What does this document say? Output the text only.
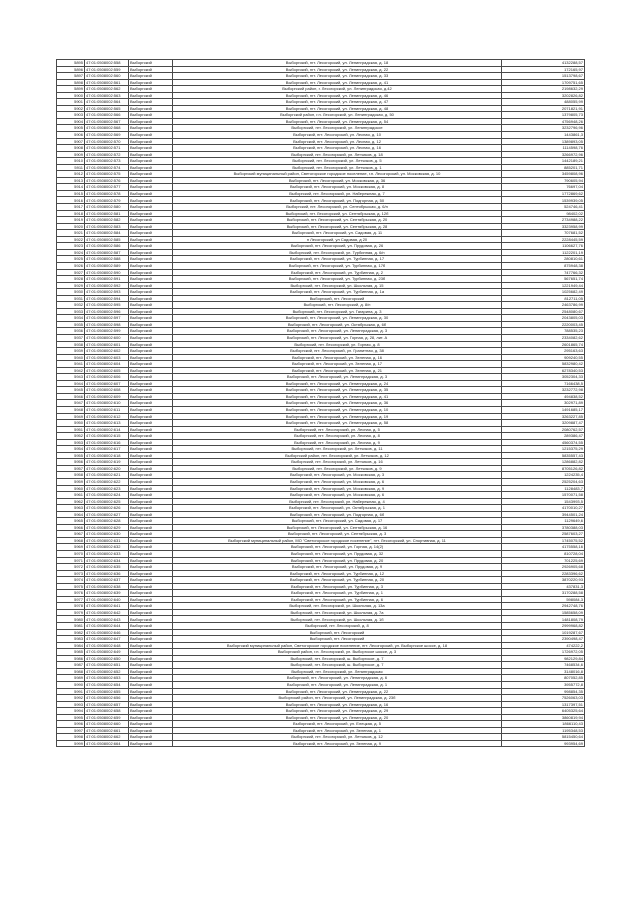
5895	47:01:0508002:558	Выборгский	Выборгский, пгт. Лесогорский, ул. Ленинградская, д. 18	4132288,57
5896	47:01:0508002:559	Выборгский	Выборгский, пгт. Лесогорский, ул. Ленинградская, д. 22	172165,97
5897	47:01:0508002:560	Выборгский	Выборгский, пгт. Лесогорский, ул. Ленинградская, д. 33	1513798,67
5898	47:01:0508002:561	Выборгский	Выборгский, пгт. Лесогорский, ул. Ленинградская, д. 41	1709751,65
5899	47:01:0508002:562	Выборгский	Выборгский район, г. Лесогорский, ул. Ленинградская, д.42	2198632,29
5900	47:01:0508002:563	Выборгский	Выборгский, пгт. Лесогорский, ул. Ленинградская, д. 46	3202826,82
5901	47:01:0508002:564	Выборгский	Выборгский, пгт. Лесогорский, ул. Ленинградская, д. 47	488055,99
5902	47:01:0508002:565	Выборгский	Выборгский, пгт. Лесогорский, ул. Ленинградская, д. 48	2071821,91
5903	47:01:0508002:566	Выборгский	Выборгский район, г.п. Лесогорский, ул. Ленинградская, д. 50	1379805,73
5904	47:01:0508002:567	Выборгский	Выборгский, пгт. Лесогорский, ул. Ленинградская, д. 54	4756948,26
5905	47:01:0508002:568	Выборгский	Выборгский, пгт. Лесогорский, ул. Ленинградское	3232796,96
5906	47:01:0508002:569	Выборгский	Выборгский, пгт. Лесогорский, ул. Лесная, д. 10	1443861,3
5907	47:01:0508002:570	Выборгский	Выборгский, пгт. Лесогорский, ул. Лесная, д. 12	1389893,05
5908	47:01:0508002:571	Выборгский	Выборгский, пгт. Лесогорский, ул. Лесная, д. 16	1114598,76
5909	47:01:0508002:572	Выборгский	Выборгский, пгт. Лесогорский, ул. Летчиков, д. 18	3266972,96
5910	47:01:0508002:573	Выборгский	Выборгский, пгт. Лесогорский, ул. Летчиков, д. 5	1442189,21
5911	47:01:0508002:574	Выборгский	Выборгский, пгт. Лесогорский, ул. Летчиков, д. 1	885201,71
5912	47:01:0508002:575	Выборгский	Выборгский муниципальный район, Светогорское городское поселение, г.п. Лесогорский, ул. Московская, д. 10	3459808,96
5913	47:01:0508002:576	Выборгский	Выборгский, пгт. Лесогорский, ул. Московская, д. 36	790605,94
5914	47:01:0508002:577	Выборгский	Выборгский, пгт. Лесогорский, ул. Московская, д. 8	76697,04
5915	47:01:0508002:578	Выборгский	Выборгский, пгт. Лесогорский, ул. Набережная, д. 7	1772869,62
5916	47:01:0508002:579	Выборгский	Выборгский, пгт. Лесогорский, ул. Подгорная, д. 50	1539939,05
5917	47:01:0508002:580	Выборгский	Выборгский, пгт. Лесогорский, ул. Сентябрьская, д. 6/п	524746,41
5918	47:01:0508002:581	Выборгский	Выборгский, пгт. Лесогорский, ул. Сентябрьская, д. 12б	98402,02
5919	47:01:0508002:582	Выборгский	Выборгский, пгт. Лесогорский, ул. Сентябрьская, д. 20	2734988,22
5920	47:01:0508002:583	Выборгский	Выборгский, пгт. Лесогорский, ул. Сентябрьская, д. 28	3323958,99
5921	47:01:0508002:584	Выборгский	Выборгский, пгт. Лесогорский, ул. Садовая, д. 11	707681,52
5922	47:01:0508002:585	Выборгский	п Лесогорский, ул Садовая, д 20	2228445,59
5923	47:01:0508002:586	Выборгский	Выборгский, пгт. Лесогорский, ул. Прудовая, д. 26	1106627,76
5924	47:01:0508002:587	Выборгский	Выборгский, пгт. Лесогорский, ул. Турбинная, д. 6/п	1122201,19
5925	47:01:0508002:588	Выборгский	Выборгский, пгт. Лесогорский, ул. Турбинная, д. 17	280810,61
5926	47:01:0508002:589	Выборгский	Выборгский, пгт. Лесогорский, ул. Турбинная, д. 17б	875948,38
5927	47:01:0508002:590	Выборгский	Выборгский, пгт. Лесогорский, ул. Турбинная, д. 2	747766,32
5928	47:01:0508002:591	Выборгский	Выборгский, пгт. Лесогорский, ул. Турбинная, д. 23б	567651,74
5929	47:01:0508002:592	Выборгский	Выборгский, пгт. Лесогорский, ул. Школьная, д. 15	1221949,44
5930	47:01:0508002:593	Выборгский	Выборгский, пгт. Лесогорский, ул. Турбинная, д. 1а	1025682,49
5931	47:01:0508002:594	Выборгский	Выборгский, пгт. Лесогорский	812711,05
5932	47:01:0508002:595	Выборгский	Выборгский, пгт. Лесогорский, д. 8/п	2463786,99
5933	47:01:0508002:596	Выборгский	Выборгский, пгт. Лесогорский, ул. Гагарина, д. 3	2548080,67
5934	47:01:0508002:597	Выборгский	Выборгский, пгт. Лесогорский, ул. Ленинградская, д. 30	2043805,03
5935	47:01:0508002:598	Выборгский	Выборгский, пгт. Лесогорский, ул. Октябрьская, д. 6б	2220003,45
5936	47:01:0508002:599	Выборгский	Выборгский, пгт. Лесогорский, ул. Ленинградская, д. 3	788535,23
5937	47:01:0508002:600	Выборгский	Выборгский, пгт. Лесогорский, ул. Горная, д. 28, лит. А	2334082,62
5938	47:01:0508002:601	Выборгский	Выборгский, пгт. Лесогорский, ул. Горная, д. 8	2601865,74
5939	47:01:0508002:602	Выборгский	Выборгский, пгт. Лесогорский, ул. Гранитная, д. 38	295163,63
5940	47:01:0508002:603	Выборгский	Выборгский, пгт. Лесогорский, ул. Зеленая, д. 16	909240,55
5941	47:01:0508002:604	Выборгский	Выборгский, пгт. Лесогорский, ул. Зеленая, д. 17	5832980,42
5942	47:01:0508002:605	Выборгский	Выборгский, пгт. Лесогорский, ул. Зеленая, д. 21	6278340,53
5943	47:01:0508002:606	Выборгский	Выборгский, пгт. Лесогорский, ул. Ленинградская, д. 3	3052304,33
5944	47:01:0508002:607	Выборгский	Выборгский, пгт. Лесогорский, ул. Ленинградская, д. 24	7166438,5
5945	47:01:0508002:608	Выборгский	Выборгский, пгт. Лесогорский, ул. Ленинградская, д. 35	3232772,98
5946	47:01:0508002:609	Выборгский	Выборгский, пгт. Лесогорский, ул. Ленинградская, д. 41	494838,52
5947	47:01:0508002:610	Выборгский	Выборгский, пгт. Лесогорский, ул. Ленинградская, д. 36	302971,89
5948	47:01:0508002:611	Выборгский	Выборгский, пгт. Лесогорский, ул. Ленинградская, д. 10	1491685,17
5949	47:01:0508002:612	Выборгский	Выборгский, пгт. Лесогорский, ул. Ленинградская, д. 19	3263227,85
5950	47:01:0508002:613	Выборгский	Выборгский, пгт. Лесогорский, ул. Ленинградская, д. 58	3209887,47
5951	47:01:0508002:614	Выборгский	Выборгский, пгт. Лесогорский, ул. Лесная, д. 5	2080762,57
5952	47:01:0508002:615	Выборгский	Выборгский, пгт. Лесогорский, ул. Лесная, д. 8	289386,47
5953	47:01:0508002:616	Выборгский	Выборгский, пгт. Лесогорский, ул. Лесная, д. 9	4560374,55
5954	47:01:0508002:617	Выборгский	Выборгский, пгт. Лесогорский, ул. Летчиков, д. 11	1215375,29
5955	47:01:0508002:618	Выборгский	Выборгский район, пгт. Лесогорский, ул. Летчиков, д. 12	5835557,43
5956	47:01:0508002:619	Выборгский	Выборгский, пгт. Лесогорский, ул. Летчиков, д. 16	1286882,82
5957	47:01:0508002:620	Выборгский	Выборгский, пгт. Лесогорский, ул. Летчиков, д. 9	8705126,82
5958	47:01:0508002:621	Выборгский	Выборгский, пгт. Лесогорский, ул. Московская, д. 3	1224235,4
5959	47:01:0508002:622	Выборгский	Выборгский, пгт. Лесогорский, ул. Московская, д. 6	2525204,63
5960	47:01:0508002:623	Выборгский	Выборгский, пгт. Лесогорский, ул. Московская, д. 9	1128483,7
5961	47:01:0508002:624	Выборгский	Выборгский, пгт. Лесогорский, ул. Московская, д. 6	1570071,58
5962	47:01:0508002:625	Выборгский	Выборгский, пгт. Лесогорский, ул. Набережная, д. 4	1543993,5
5963	47:01:0508002:626	Выборгский	Выборгский, пгт. Лесогорский, ул. Октябрьская, д. 1	4170010,27
5964	47:01:0508002:627	Выборгский	Выборгский, пгт. Лесогорский, ул. Подгорная, д. 6б	3944501,24
5965	47:01:0508002:628	Выборгский	Выборгский, пгт. Лесогорский, ул. Садовая, д. 17	1129649,6
5966	47:01:0508002:629	Выборгский	Выборгский, пгт. Лесогорский, ул. Сентябрьская, д. 16	3780388,03
5967	47:01:0508002:630	Выборгский	Выборгский, пгт. Лесогорский, ул. Сентябрьская, д. 3	2587603,27
5968	47:01:0508002:631	Выборгский	Выборгский муниципальный район, МО "Светогорское городское поселение", пгт. Лесогорский, ул. Спортивная, д. 11	1745075,52
5969	47:01:0508002:632	Выборгский	Выборгский, пгт. Лесогорский, ул. Горная, д. 14(2)	4175558,16
5970	47:01:0508002:633	Выборгский	Выборгский, пгт. Лесогорский, ул. Прудовая, д. 32	810728,04
5971	47:01:0508002:634	Выборгский	Выборгский, пгт. Лесогорский, ул. Прудовая, д. 20	701225,69
5972	47:01:0508002:635	Выборгский	Выборгский, пгт. Лесогорский, ул. Прудовая, д. 9	2926905,68
5973	47:01:0508002:636	Выборгский	Выборгский, пгт. Лесогорский, ул. Турбинная, д. 12	2283396,62
5974	47:01:0508002:637	Выборгский	Выборгский, пгт. Лесогорский, ул. Турбинная, д. 20	3870220,93
5975	47:01:0508002:638	Выборгский	Выборгский, пгт. Лесогорский, ул. Турбинная, д. 3	437831,3
5976	47:01:0508002:639	Выборгский	Выборгский, пгт. Лесогорский, ул. Турбинная, д. 1	3170288,58
5977	47:01:0508002:640	Выборгский	Выборгский, пгт. Лесогорский, ул. Турбинная, д. 6	598084,3
5978	47:01:0508002:641	Выборгский	Выборгский, пгт. Лесогорский, ул. Школьная, д. 13а	2942748,76
5979	47:01:0508002:642	Выборгский	Выборгский, пгт. Лесогорский, ул. Школьная, д. 7а	1585658,09
5980	47:01:0508002:643	Выборгский	Выборгский, пгт. Лесогорский, ул. Школьная, д. 1б	1481808,79
5981	47:01:0508002:644	Выборгский	Выборгский, пгт. Лесогорский, д. 8	2999968,82
5982	47:01:0508002:646	Выборгский	Выборгский, пгт. Лесогорский	1019287,67
5983	47:01:0508002:647	Выборгский	Выборгский, пгт. Лесогорский	2390498,47
5984	47:01:0508002:648	Выборгский	Выборгский муниципальный район, Светогорское городское поселение, пгт. Лесогорский, ул. Выборгское шоссе, д. 18	474222,2
5985	47:01:0508002:649	Выборгский	Выборгский район, г.п. Лесогорский, ул. Выборгское шоссе, д. 3	1726972,05
5986	47:01:0508002:650	Выборгский	Выборгский, пгт. Лесогорский, ш. Выборгское, д. 7	982129,84
5987	47:01:0508002:651	Выборгский	Выборгский, пгт. Лесогорский, ш. Выборгское, д. 7	7468534,6
5988	47:01:0508002:652	Выборгский	Выборгский, пгт. Лесогорский, ул. Ленинградская	3148016,8
5989	47:01:0508002:653	Выборгский	Выборгский, пгт. Лесогорский, ул. Ленинградская, д. 6	807052,85
5990	47:01:0508002:654	Выборгский	Выборгский, пгт. Лесогорский, ул. Ленинградская, д. 1	3955772,8
5991	47:01:0508002:655	Выборгский	Выборгский, пгт. Лесогорский, ул. Ленинградская, д. 22	998854,35
5992	47:01:0508002:656	Выборгский	Выборгский район, пгт. Лесогорский, ул. Ленинградская, д. 23б	7526063,03
5993	47:01:0508002:657	Выборгский	Выборгский, пгт. Лесогорский, ул. Ленинградская, д. 16	1317397,51
5994	47:01:0508002:658	Выборгский	Выборгский, пгт. Лесогорский, ул. Ленинградская, д. 29	6405325,64
5995	47:01:0508002:659	Выборгский	Выборгский, пгт. Лесогорский, ул. Ленинградская, д. 20	3860819,94
5996	47:01:0508002:660	Выборгский	Выборгский, пгт. Лесогорский, ул. Елецкая, д. 5	1866110,43
5997	47:01:0508002:661	Выборгский	Выборгский, пгт. Лесогорский, ул. Зеленая, д. 1	1195348,53
5998	47:01:0508002:662	Выборгский	Выборгский, пгт. Лесогорский, ул. Летчиков, д. 12	5815450,64
5999	47:01:0508002:664	Выборгский	Выборгский, пгт. Лесогорский, ул. Зеленая, д. 9	993954,69
